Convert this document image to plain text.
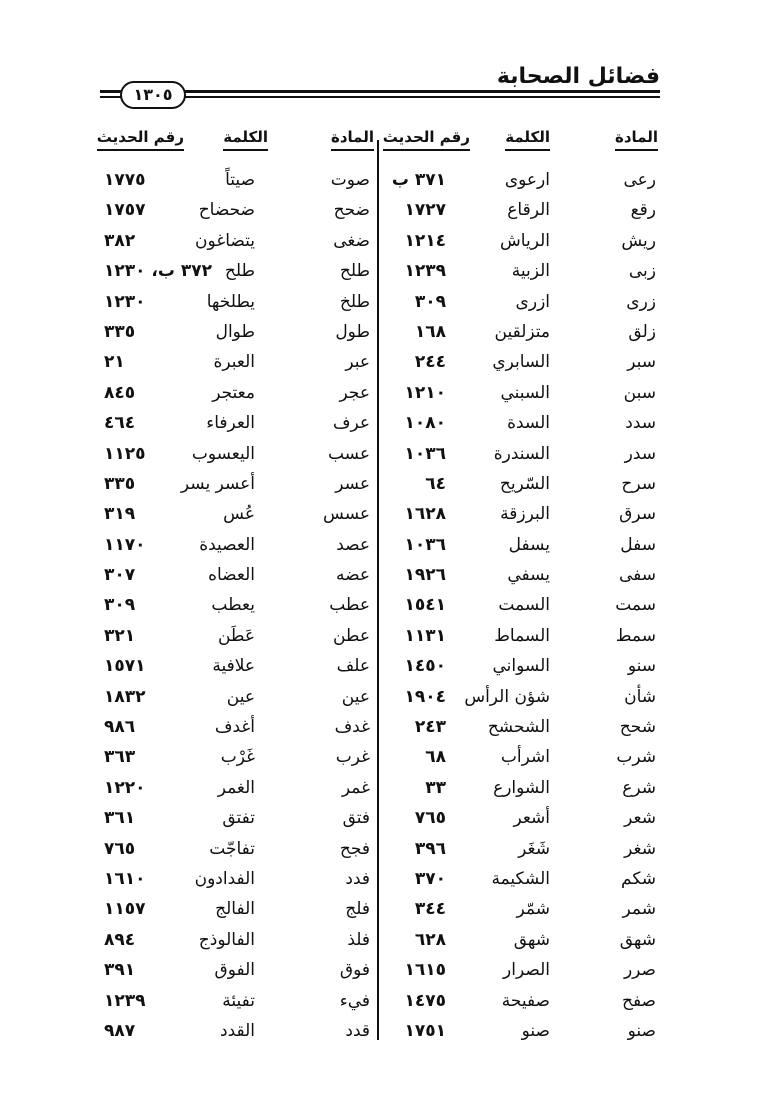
فضائل الصحابة
١٣٠٥
المادة
الكلمة
رقم الحديث
المادة
الكلمة
رقم الحديث
رعى
ارعوى
٣٧١ ب
صوت
صيتاً
١٧٧٥
رقع
الرقاع
١٧٢٧
ضحح
ضحضاح
١٧٥٧
ريش
الرياش
١٢١٤
ضغى
يتضاغون
٣٨٢
زبى
الزبية
١٢٣٩
طلح
طلح
٣٧٢ ب، ١٢٣٠
زرى
ازرى
٣٠٩
طلخ
يطلخها
١٢٣٠
زلق
متزلقين
١٦٨
طول
طوال
٣٣٥
سبر
السابري
٢٤٤
عبر
العبرة
٢١
سبن
السبني
١٢١٠
عجر
معتجر
٨٤٥
سدد
السدة
١٠٨٠
عرف
العرفاء
٤٦٤
سدر
السندرة
١٠٣٦
عسب
اليعسوب
١١٢٥
سرح
السّريح
٦٤
عسر
أعسر يسر
٣٣٥
سرق
البرزقة
١٦٢٨
عسس
عُس
٣١٩
سفل
يسفل
١٠٣٦
عصد
العصيدة
١١٧٠
سفى
يسفي
١٩٢٦
عضه
العضاه
٣٠٧
سمت
السمت
١٥٤١
عطب
يعطب
٣٠٩
سمط
السماط
١١٣١
عطن
عَطَن
٣٢١
سنو
السواني
١٤٥٠
علف
علافية
١٥٧١
شأن
شؤن الرأس
١٩٠٤
عين
عين
١٨٣٢
شحح
الشحشح
٢٤٣
غدف
أغدف
٩٨٦
شرب
اشرأب
٦٨
غرب
غَرْب
٣٦٣
شرع
الشوارع
٣٣
غمر
الغمر
١٢٢٠
شعر
أشعر
٧٦٥
فتق
تفتق
٣٦١
شغر
شَغَر
٣٩٦
فجح
تفاجّت
٧٦٥
شكم
الشكيمة
٣٧٠
فدد
الفدادون
١٦١٠
شمر
شمّر
٣٤٤
فلج
الفالج
١١٥٧
شهق
شهق
٦٢٨
فلذ
الفالوذج
٨٩٤
صرر
الصرار
١٦١٥
فوق
الفوق
٣٩١
صفح
صفيحة
١٤٧٥
فيء
تفيئة
١٢٣٩
صنو
صنو
١٧٥١
قدد
القدد
٩٨٧
